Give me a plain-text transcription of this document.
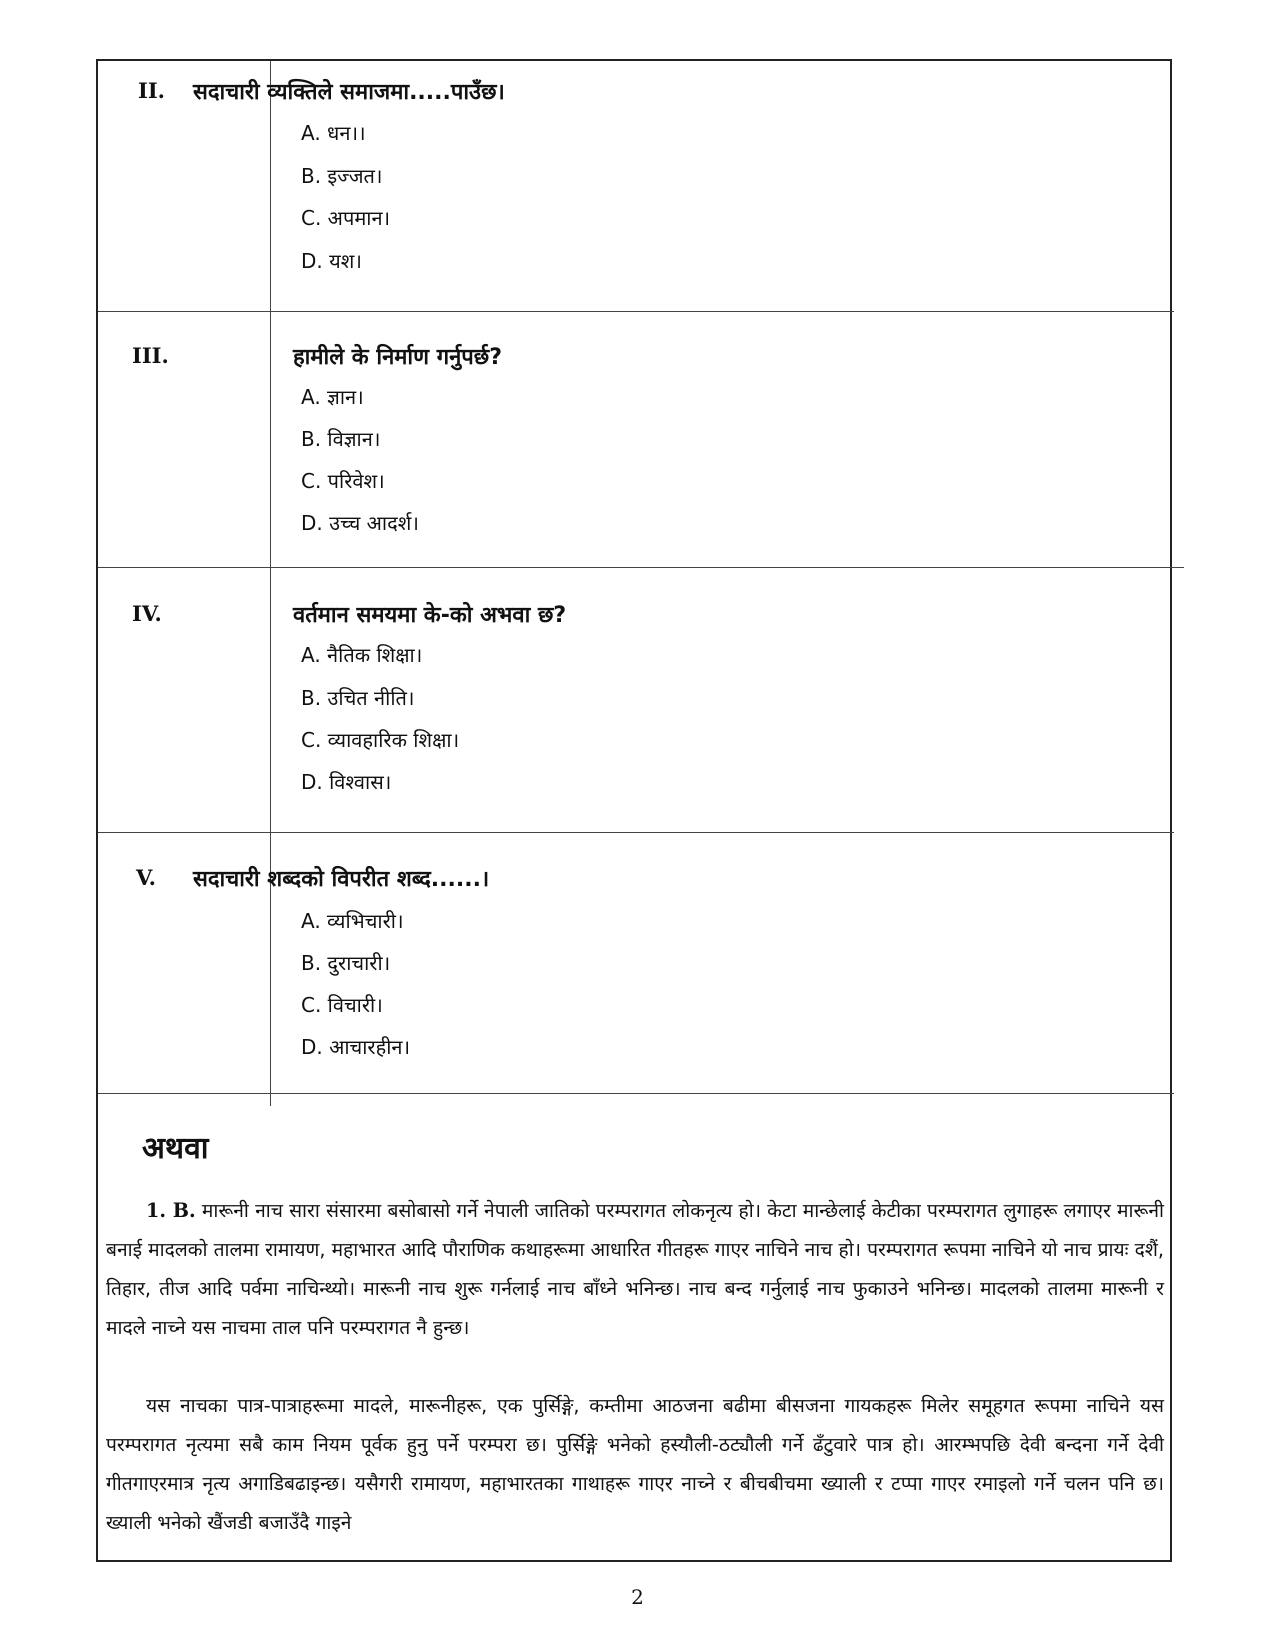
II.	सदाचारी व्यक्तिले समाजमा.....पाउँछ।
A. धन।।
B. इज्जत।
C. अपमान।
D. यश।
III.	हामीले के निर्माण गर्नुपर्छ?
A. ज्ञान।
B. विज्ञान।
C. परिवेश।
D. उच्च आदर्श।
IV.	वर्तमान समयमा के-को अभवा छ?
A. नैतिक शिक्षा।
B. उचित नीति।
C. व्यावहारिक शिक्षा।
D. विश्वास।
V.	सदाचारी शब्दको विपरीत शब्द......।
A. व्यभिचारी।
B. दुराचारी।
C. विचारी।
D. आचारहीन।
अथवा
1. B. मारूनी नाच सारा संसारमा बसोबासो गर्ने नेपाली जातिको परम्परागत लोकनृत्य हो। केटा मान्छेलाई केटीका परम्परागत लुगाहरू लगाएर मारूनी बनाई मादलको तालमा रामायण, महाभारत आदि पौराणिक कथाहरूमा आधारित गीतहरू गाएर नाचिने नाच हो। परम्परागत रूपमा नाचिने यो नाच प्रायः दशैं, तिहार, तीज आदि पर्वमा नाचिन्थ्यो। मारूनी नाच शुरू गर्नलाई नाच बाँध्ने भनिन्छ। नाच बन्द गर्नुलाई नाच फुकाउने भनिन्छ। मादलको तालमा मारूनी र मादले नाच्ने यस नाचमा ताल पनि परम्परागत नै हुन्छ।
यस नाचका पात्र-पात्राहरूमा मादले, मारूनीहरू, एक पुर्सिङ्गे, कम्तीमा आठजना बढीमा बीसजना गायकहरू मिलेर समूहगत रूपमा नाचिने यस परम्परागत नृत्यमा सबै काम नियम पूर्वक हुनु पर्ने परम्परा छ। पुर्सिङ्गे भनेको हस्यौली-ठट्यौली गर्ने ढँटुवारे पात्र हो। आरम्भपछि देवी बन्दना गर्ने देवी गीतगाएरमात्र नृत्य अगाडिबढाइन्छ। यसैगरी रामायण, महाभारतका गाथाहरू गाएर नाच्ने र बीचबीचमा ख्याली र टप्पा गाएर रमाइलो गर्ने चलन पनि छ। ख्याली भनेको खैंजडी बजाउँदै गाइने
2
